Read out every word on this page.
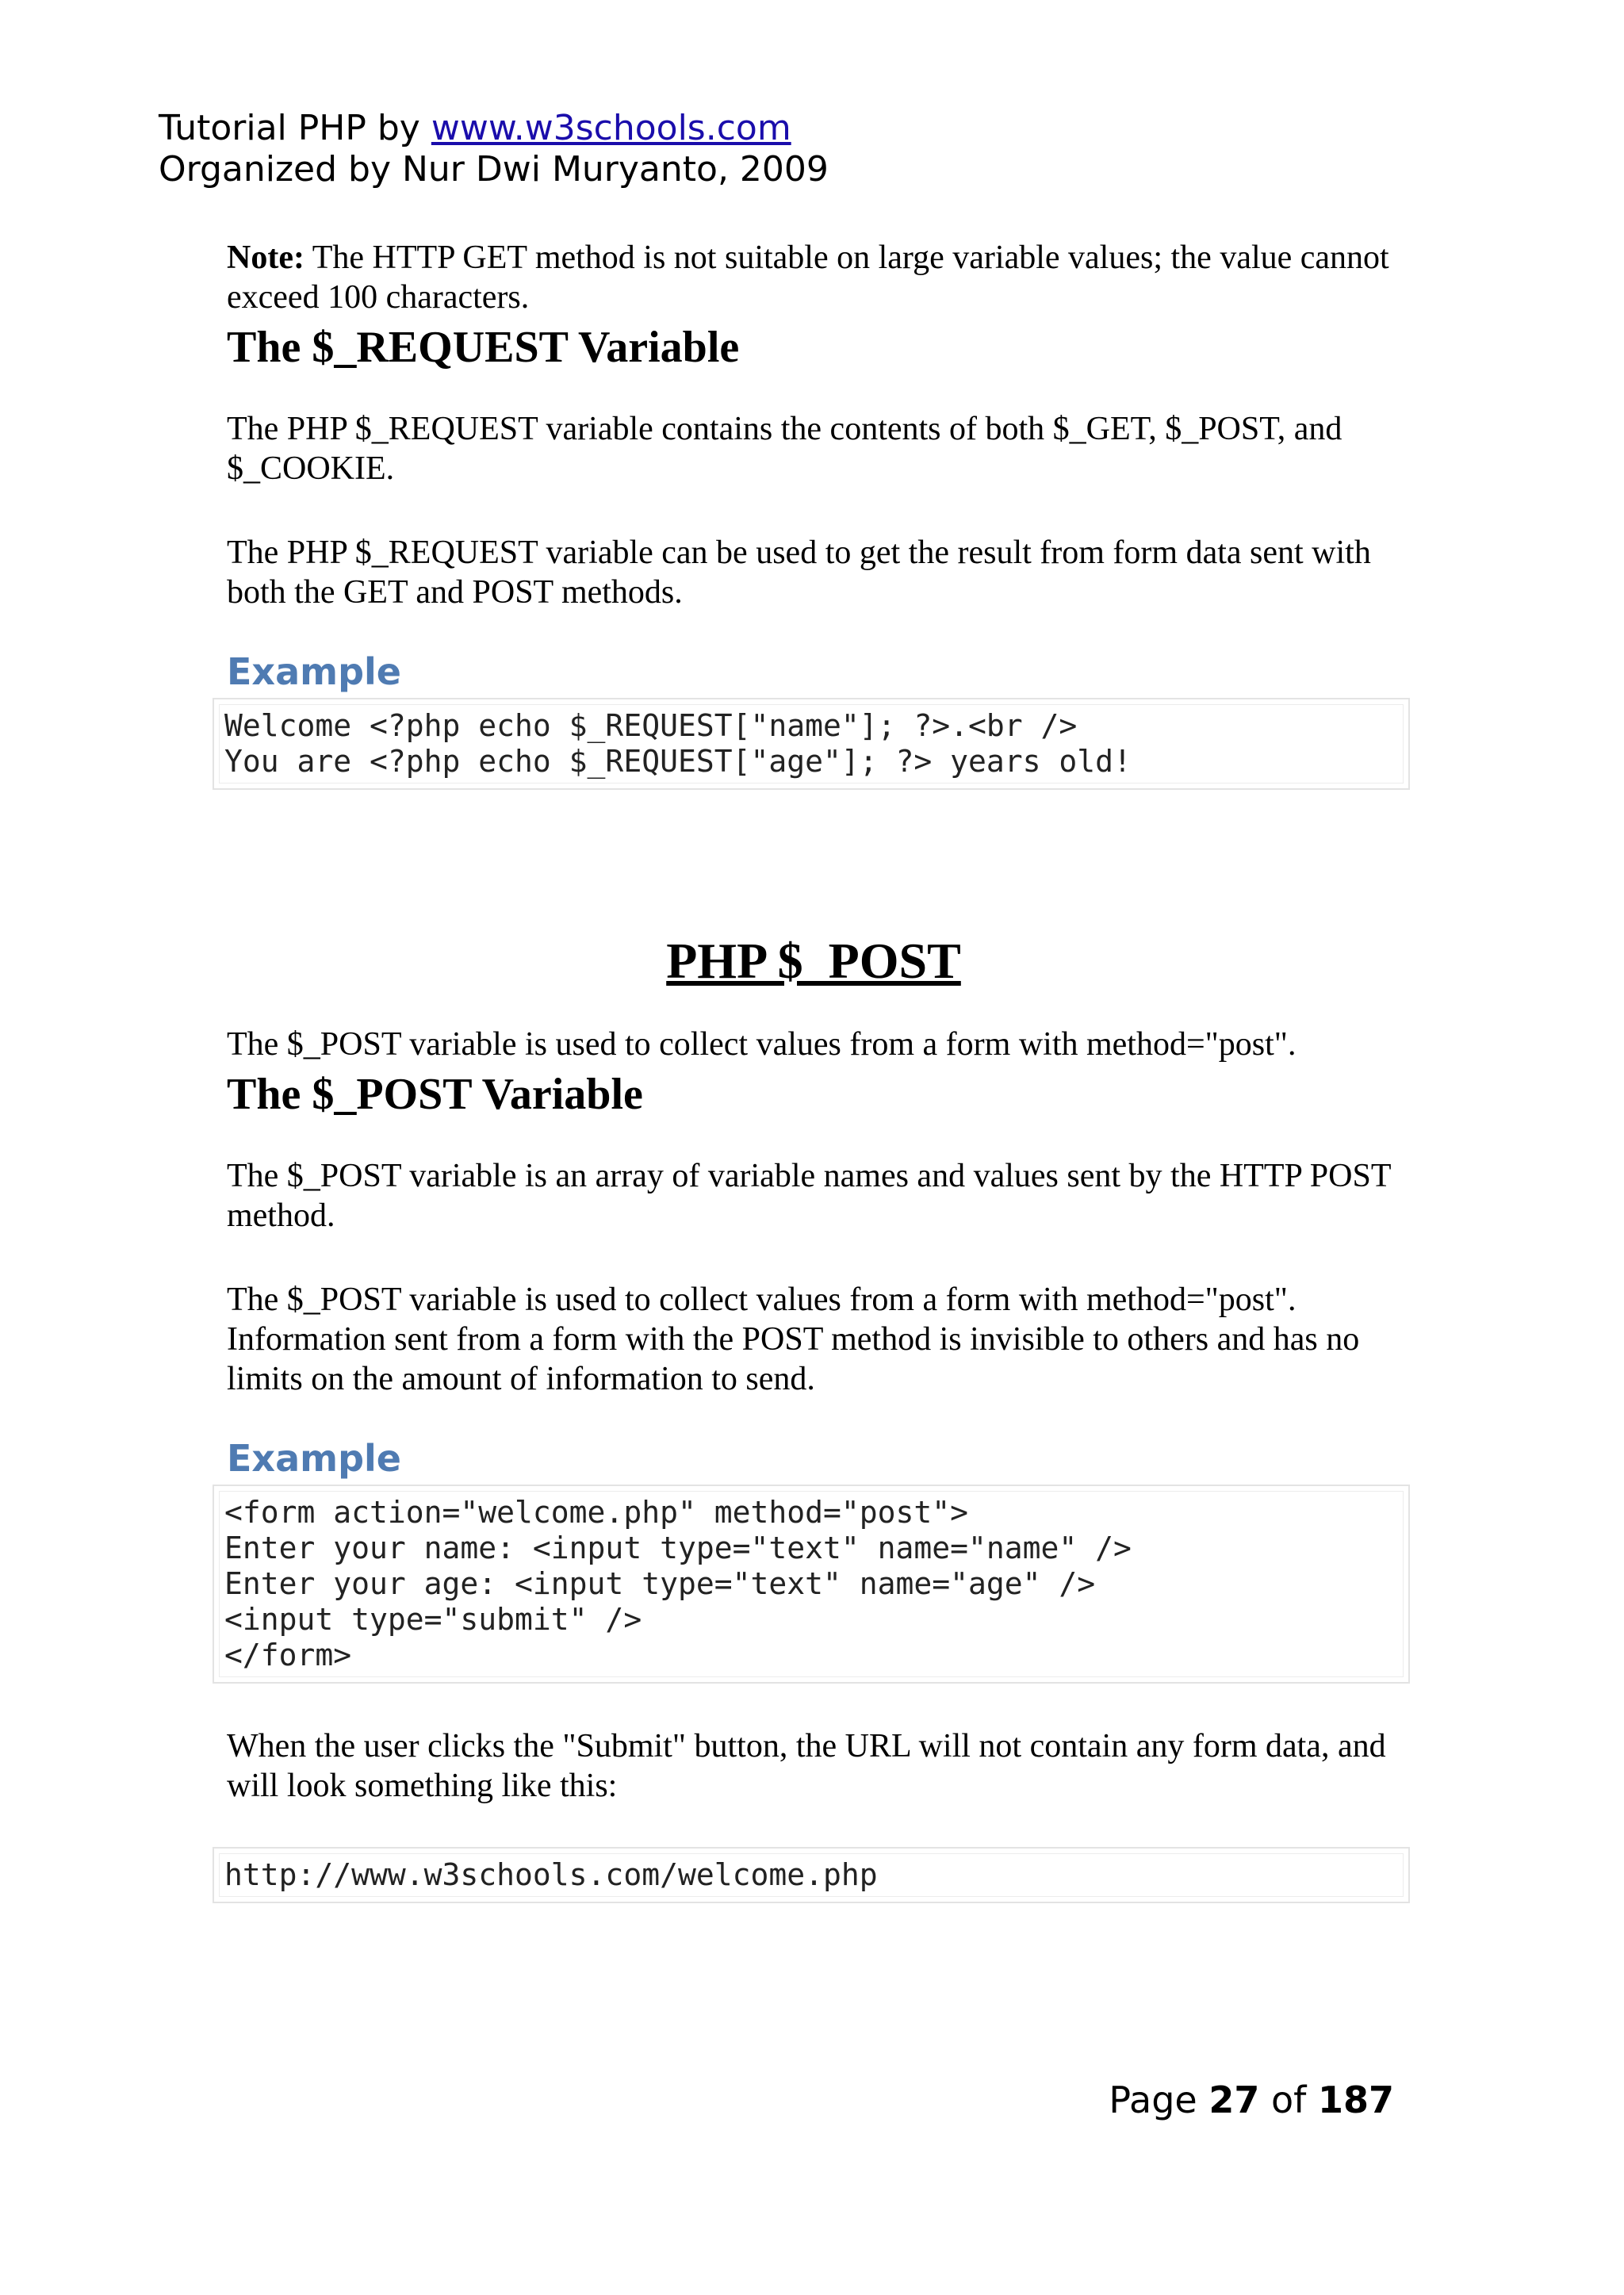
Tutorial PHP by www.w3schools.com
Organized by Nur Dwi Muryanto, 2009

Note: The HTTP GET method is not suitable on large variable values; the value cannot exceed 100 characters.

The $_REQUEST Variable

The PHP $_REQUEST variable contains the contents of both $_GET, $_POST, and $_COOKIE.

The PHP $_REQUEST variable can be used to get the result from form data sent with both the GET and POST methods.

Example

Welcome <?php echo $_REQUEST["name"]; ?>.<br />
You are <?php echo $_REQUEST["age"]; ?> years old!
PHP $_POST

The $_POST variable is used to collect values from a form with method="post".

The $_POST Variable

The $_POST variable is an array of variable names and values sent by the HTTP POST method.

The $_POST variable is used to collect values from a form with method="post". Information sent from a form with the POST method is invisible to others and has no limits on the amount of information to send.

Example

<form action="welcome.php" method="post">
Enter your name: <input type="text" name="name" />
Enter your age: <input type="text" name="age" />
<input type="submit" />
</form>

When the user clicks the "Submit" button, the URL will not contain any form data, and will look something like this:

http://www.w3schools.com/welcome.php
Page 27 of 187
